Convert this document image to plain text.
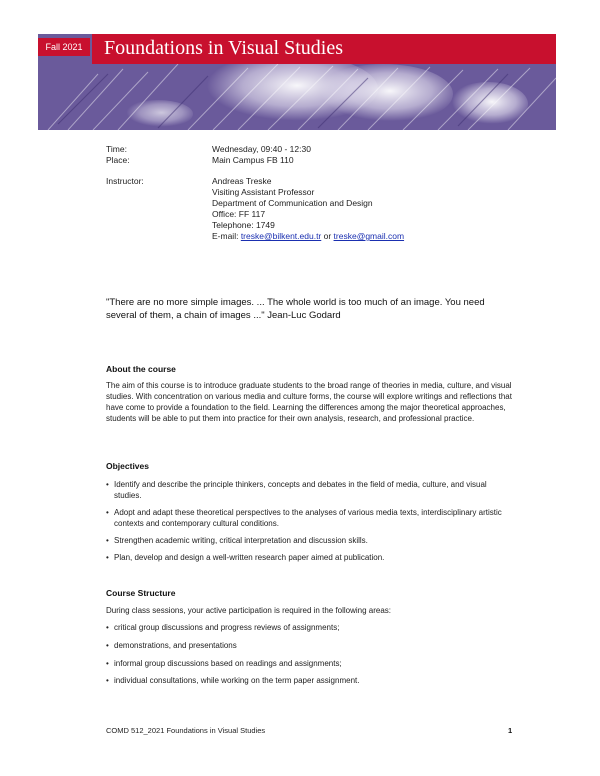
Fall 2021	Foundations in Visual Studies
Time:	Wednesday, 09:40 - 12:30
Place:	Main Campus FB 110
Instructor:	Andreas Treske
Visiting Assistant Professor
Department of Communication and Design
Office: FF 117
Telephone: 1749
E-mail: treske@bilkent.edu.tr or treske@gmail.com
"There are no more simple images. ... The whole world is too much of an image. You need several of them, a chain of images ..." Jean-Luc Godard
About the course
The aim of this course is to introduce graduate students to the broad range of theories in media, culture, and visual studies. With concentration on various media and culture forms, the course will explore writings and reflections that have come to provide a foundation to the field. Learning the differences among the major theoretical approaches, students will be able to put them into practice for their own analysis, research, and professional practice.
Objectives
• Identify and describe the principle thinkers, concepts and debates in the field of media, culture, and visual studies.
• Adopt and adapt these theoretical perspectives to the analyses of various media texts, interdisciplinary artistic contexts and contemporary cultural conditions.
• Strengthen academic writing, critical interpretation and discussion skills.
• Plan, develop and design a well-written research paper aimed at publication.
Course Structure
During class sessions, your active participation is required in the following areas:
• critical group discussions and progress reviews of assignments;
• demonstrations, and presentations
• informal group discussions based on readings and assignments;
• individual consultations, while working on the term paper assignment.
COMD 512_2021 Foundations in Visual Studies	1
